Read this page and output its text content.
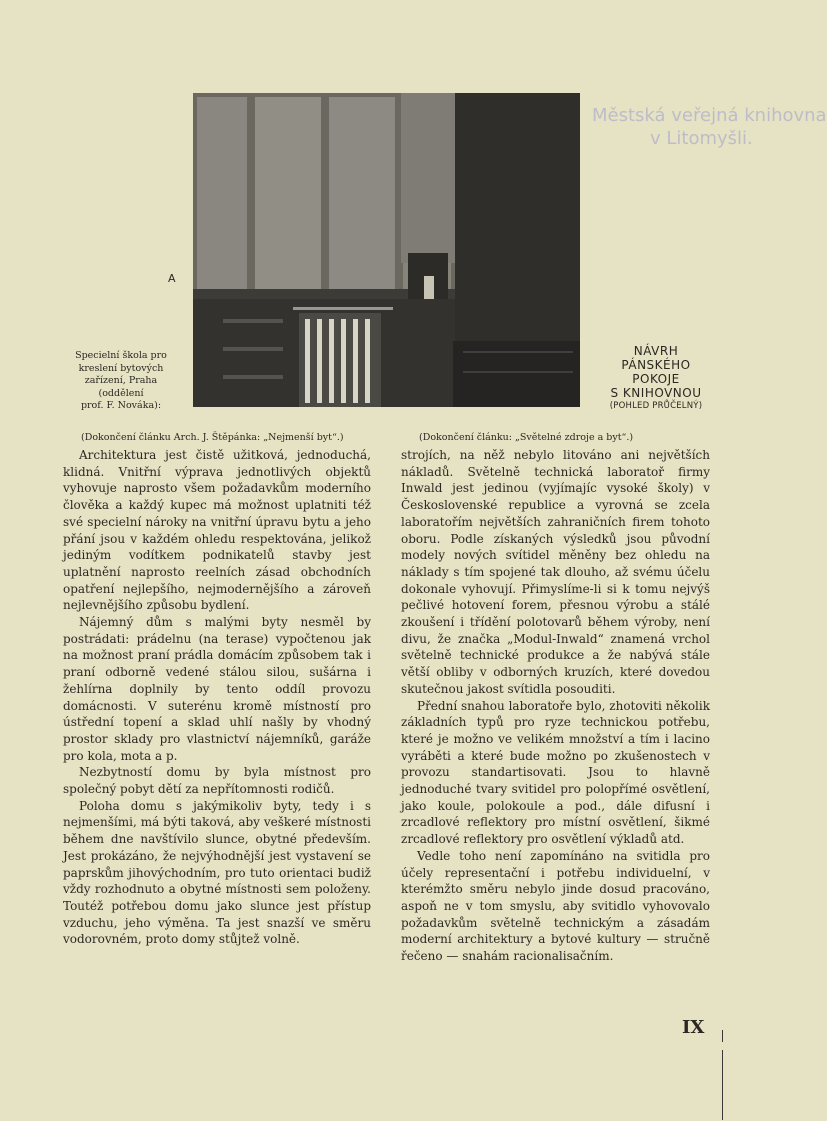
Městská veřejná knihovna
v Litomyšli.
A
Specielní škola pro
kreslení bytových
zařízení, Praha
(oddělení
prof. F. Nováka):
NÁVRH
PÁNSKÉHO
POKOJE
S KNIHOVNOU
(POHLED PRŮČELNÝ)
(Dokončení článku Arch. J. Štěpánka: „Nejmenší byt“.)

Architektura jest čistě užitková, jednoduchá, klidná. Vnitřní výprava jednotlivých objektů vyhovuje naprosto všem požadavkům moderního člověka a každý kupec má možnost uplatniti též své specielní nároky na vnitřní úpravu bytu a jeho přání jsou v každém ohledu respektována, jelikož jediným vodítkem podnikatelů stavby jest uplatnění naprosto reelních zásad obchodních opatření nejlepšího, nejmodernějšího a zároveň nejlevnějšího způsobu bydlení.

Nájemný dům s malými byty nesměl by postrádati: prádelnu (na terase) vypočtenou jak na možnost praní prádla domácím způsobem tak i praní odborně vedené stálou silou, sušárna i žehlírna doplnily by tento oddíl provozu domácnosti. V suterénu kromě místností pro ústřední topení a sklad uhlí našly by vhodný prostor sklady pro vlastnictví nájemníků, garáže pro kola, mota a p.

Nezbytností domu by byla místnost pro společný pobyt dětí za nepřítomnosti rodičů.

Poloha domu s jakýmikoliv byty, tedy i s nejmenšími, má býti taková, aby veškeré místnosti během dne navštívilo slunce, obytné především. Jest prokázáno, že nejvýhodnější jest vystavení se paprskům jihovýchodním, pro tuto orientaci budiž vždy rozhodnuto a obytné místnosti sem položeny. Toutéž potřebou domu jako slunce jest přístup vzduchu, jeho výměna. Ta jest snazší ve směru vodorovném, proto domy stůjtež volně.

(Dokončení článku: „Světelné zdroje a byt“.)

strojích, na něž nebylo litováno ani největších nákladů. Světelně technická laboratoř firmy Inwald jest jedinou (vyjímajíc vysoké školy) v Československé republice a vyrovná se zcela laboratořím největších zahraničních firem tohoto oboru. Podle získaných výsledků jsou původní modely nových svítidel měněny bez ohledu na náklady s tím spojené tak dlouho, až svému účelu dokonale vyhovují. Přimyslíme-li si k tomu nejvýš pečlivé hotovení forem, přesnou výrobu a stálé zkoušení i třídění polotovarů během výroby, není divu, že značka „Modul-Inwald“ znamená vrchol světelně technické produkce a že nabývá stále větší obliby v odborných kruzích, které dovedou skutečnou jakost svítidla posouditi.

Přední snahou laboratoře bylo, zhotoviti několik základních typů pro ryze technickou potřebu, které je možno ve velikém množství a tím i lacino vyráběti a které bude možno po zkušenostech v provozu standartisovati. Jsou to hlavně jednoduché tvary svitidel pro polopřímé osvětlení, jako koule, polokoule a pod., dále difusní i zrcadlové reflektory pro místní osvětlení, šikmé zrcadlové reflektory pro osvětlení výkladů atd.

Vedle toho není zapomínáno na svitidla pro účely representační i potřebu individuelní, v kterémžto směru nebylo jinde dosud pracováno, aspoň ne v tom smyslu, aby svitidlo vyhovovalo požadavkům světelně technickým a zásadám moderní architektury a bytové kultury — stručně řečeno — snahám racionalisačním.

IX
